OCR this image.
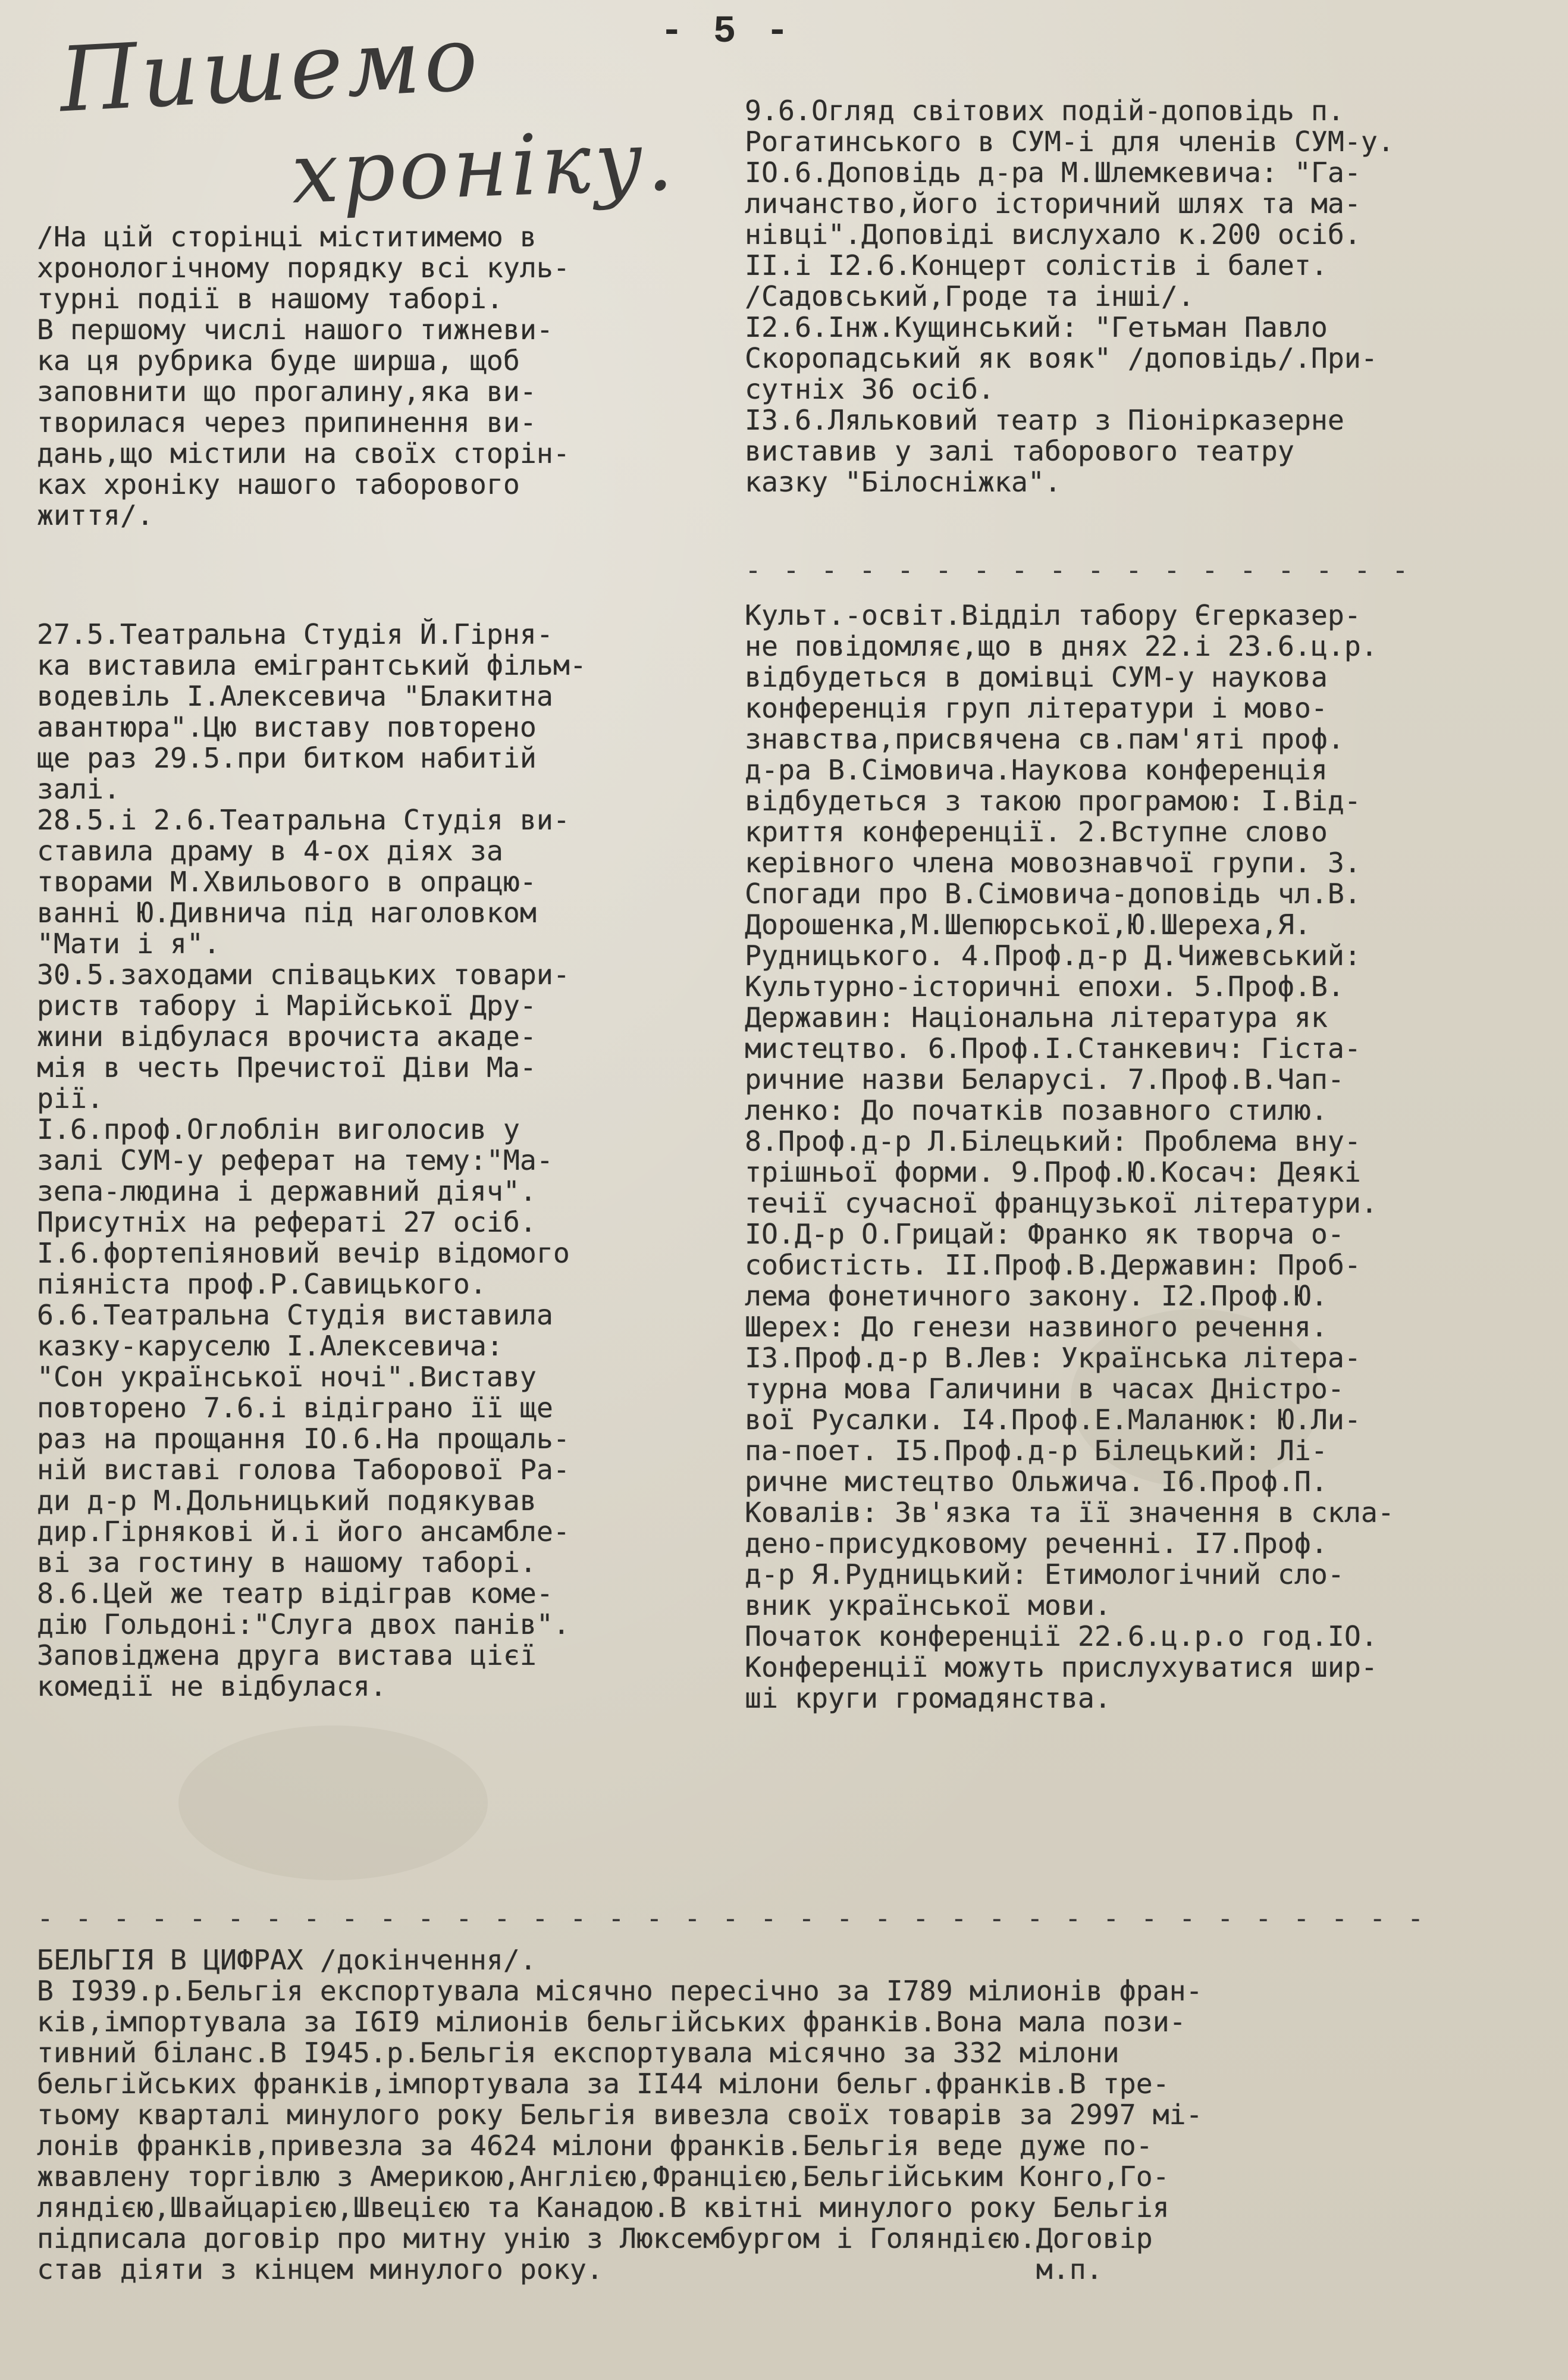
- 5 -
Пишемо
хроніку.
/На цій сторінці міститимемо в
хронологічному порядку всі куль-
турні події в нашому таборі.
В першому числі нашого тижневи-
ка ця рубрика буде ширша, щоб
заповнити що прогалину,яка ви-
творилася через припинення ви-
дань,що містили на своїх сторін-
ках хроніку нашого таборового
життя/.
27.5.Театральна Студія Й.Гірня-
ка виставила емігрантський фільм-
водевіль І.Алексевича "Блакитна
авантюра".Цю виставу повторено
ще раз 29.5.при битком набитій
залі.
28.5.і 2.6.Театральна Студія ви-
ставила драму в 4-ох діях за
творами М.Хвильового в опрацю-
ванні Ю.Дивнича під наголовком
"Мати і я".
30.5.заходами співацьких товари-
риств табору і Марійської Дру-
жини відбулася врочиста акаде-
мія в честь Пречистої Діви Ма-
рії.
І.6.проф.Оглоблін виголосив у
залі СУМ-у реферат на тему:"Ма-
зепа-людина і державний діяч".
Присутніх на рефераті 27 осіб.
І.6.фортепіяновий вечір відомого
піяніста проф.Р.Савицького.
6.6.Театральна Студія виставила
казку-каруселю І.Алексевича:
"Сон української ночі".Виставу
повторено 7.6.і відіграно її ще
раз на прощання ІО.6.На прощаль-
ній виставі голова Таборової Ра-
ди д-р М.Дольницький подякував
дир.Гірнякові й.і його ансамбле-
ві за гостину в нашому таборі.
8.6.Цей же театр відіграв коме-
дію Гольдоні:"Слуга двох панів".
Заповіджена друга вистава цієї
комедії не відбулася.
9.6.Огляд світових подій-доповідь п.
Рогатинського в СУМ-і для членів СУМ-у.
ІО.6.Доповідь д-ра М.Шлемкевича: "Га-
личанство,його історичний шлях та ма-
нівці".Доповіді вислухало к.200 осіб.
ІІ.і І2.6.Концерт солістів і балет.
/Садовський,Гроде та інші/.
І2.6.Інж.Кущинський: "Гетьман Павло
Скоропадський як вояк" /доповідь/.При-
сутніх 36 осіб.
І3.6.Ляльковий театр з Піонірказерне
виставив у залі таборового театру
казку "Білосніжка".
- - - - - - - - - - - - - - - - - -
Культ.-освіт.Відділ табору Єгерказер-
не повідомляє,що в днях 22.і 23.6.ц.р.
відбудеться в домівці СУМ-у наукова
конференція груп літератури і мово-
знавства,присвячена св.пам'яті проф.
д-ра В.Сімовича.Наукова конференція
відбудеться з такою програмою: І.Від-
криття конференції. 2.Вступне слово
керівного члена мовознавчої групи. 3.
Спогади про В.Сімовича-доповідь чл.В.
Дорошенка,М.Шепюрської,Ю.Шереха,Я.
Рудницького. 4.Проф.д-р Д.Чижевський:
Культурно-історичні епохи. 5.Проф.В.
Державин: Національна література як
мистецтво. 6.Проф.І.Станкевич: Гіста-
ричние назви Беларусі. 7.Проф.В.Чап-
ленко: До початків позавного стилю.
8.Проф.д-р Л.Білецький: Проблема вну-
трішньої форми. 9.Проф.Ю.Косач: Деякі
течії сучасної французької літератури.
ІО.Д-р О.Грицай: Франко як творча о-
собистість. ІІ.Проф.В.Державин: Проб-
лема фонетичного закону. І2.Проф.Ю.
Шерех: До генези назвиного речення.
І3.Проф.д-р В.Лев: Українська літера-
турна мова Галичини в часах Дністро-
вої Русалки. І4.Проф.Е.Маланюк: Ю.Ли-
па-поет. І5.Проф.д-р Білецький: Лі-
ричне мистецтво Ольжича. І6.Проф.П.
Ковалів: Зв'язка та її значення в скла-
дено-присудковому реченні. І7.Проф.
д-р Я.Рудницький: Етимологічний сло-
вник української мови.
Початок конференції 22.6.ц.р.о год.ІО.
Конференції можуть прислухуватися шир-
ші круги громадянства.
- - - - - - - - - - - - - - - - - - - - - - - - - - - - - - - - - - - - -
БЕЛЬГІЯ В ЦИФРАХ /докінчення/.
В І939.р.Бельгія експортувала місячно пересічно за І789 мілионів фран-
ків,імпортувала за І6І9 мілионів бельгійських франків.Вона мала пози-
тивний біланс.В І945.р.Бельгія експортувала місячно за 332 мілони
бельгійських франків,імпортувала за ІІ44 мілони бельг.франків.В тре-
тьому кварталі минулого року Бельгія вивезла своїх товарів за 2997 мі-
лонів франків,привезла за 4624 мілони франків.Бельгія веде дуже по-
жвавлену торгівлю з Америкою,Англією,Францією,Бельгійським Конго,Го-
ляндією,Швайцарією,Швецією та Канадою.В квітні минулого року Бельгія
підписала договір про митну унію з Люксембургом і Голяндією.Договір
став діяти з кінцем минулого року.                          м.п.
